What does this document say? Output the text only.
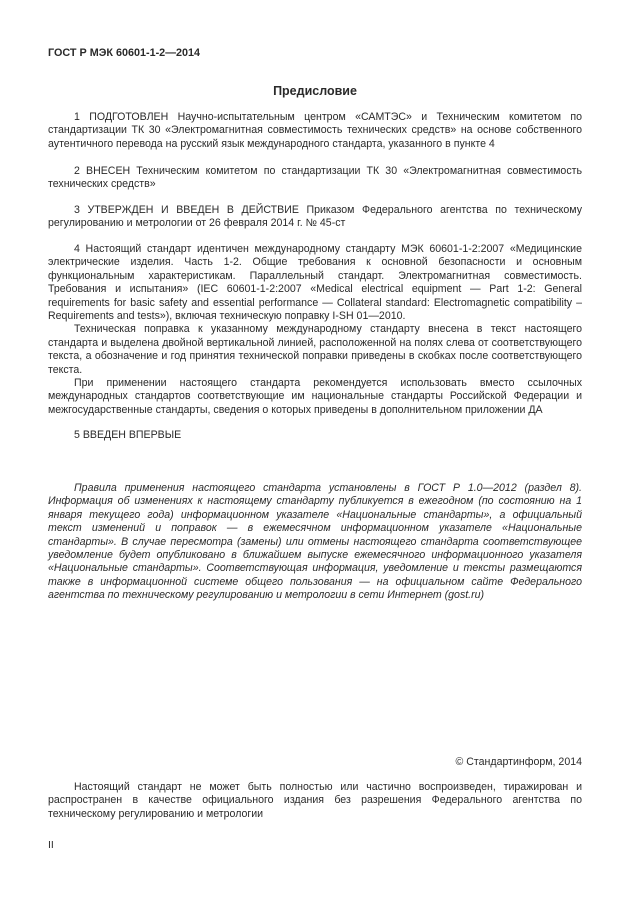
ГОСТ Р МЭК 60601-1-2—2014
Предисловие

1 ПОДГОТОВЛЕН Научно-испытательным центром «САМТЭС» и Техническим комитетом по стандартизации ТК 30 «Электромагнитная совместимость технических средств» на основе собственного аутентичного перевода на русский язык международного стандарта, указанного в пункте 4

2 ВНЕСЕН Техническим комитетом по стандартизации ТК 30 «Электромагнитная совместимость технических средств»

3 УТВЕРЖДЕН И ВВЕДЕН В ДЕЙСТВИЕ Приказом Федерального агентства по техническому регулированию и метрологии от 26 февраля 2014 г. № 45-ст

4 Настоящий стандарт идентичен международному стандарту МЭК 60601-1-2:2007 «Медицинские электрические изделия. Часть 1-2. Общие требования к основной безопасности и основным функциональным характеристикам. Параллельный стандарт. Электромагнитная совместимость. Требования и испытания» (IEC 60601-1-2:2007 «Medical electrical equipment — Part 1-2: General requirements for basic safety and essential performance — Collateral standard: Electromagnetic compatibility – Requirements and tests»), включая техническую поправку I-SH 01—2010.

Техническая поправка к указанному международному стандарту внесена в текст настоящего стандарта и выделена двойной вертикальной линией, расположенной на полях слева от соответствующего текста, а обозначение и год принятия технической поправки приведены в скобках после соответствующего текста.

При применении настоящего стандарта рекомендуется использовать вместо ссылочных международных стандартов соответствующие им национальные стандарты Российской Федерации и межгосударственные стандарты, сведения о которых приведены в дополнительном приложении ДА

5 ВВЕДЕН ВПЕРВЫЕ

Правила применения настоящего стандарта установлены в ГОСТ Р 1.0—2012 (раздел 8). Информация об изменениях к настоящему стандарту публикуется в ежегодном (по состоянию на 1 января текущего года) информационном указателе «Национальные стандарты», а официальный текст изменений и поправок — в ежемесячном информационном указателе «Национальные стандарты». В случае пересмотра (замены) или отмены настоящего стандарта соответствующее уведомление будет опубликовано в ближайшем выпуске ежемесячного информационного указателя «Национальные стандарты». Соответствующая информация, уведомление и тексты размещаются также в информационной системе общего пользования — на официальном сайте Федерального агентства по техническому регулированию и метрологии в сети Интернет (gost.ru)

© Стандартинформ, 2014

Настоящий стандарт не может быть полностью или частично воспроизведен, тиражирован и распространен в качестве официального издания без разрешения Федерального агентства по техническому регулированию и метрологии

II
